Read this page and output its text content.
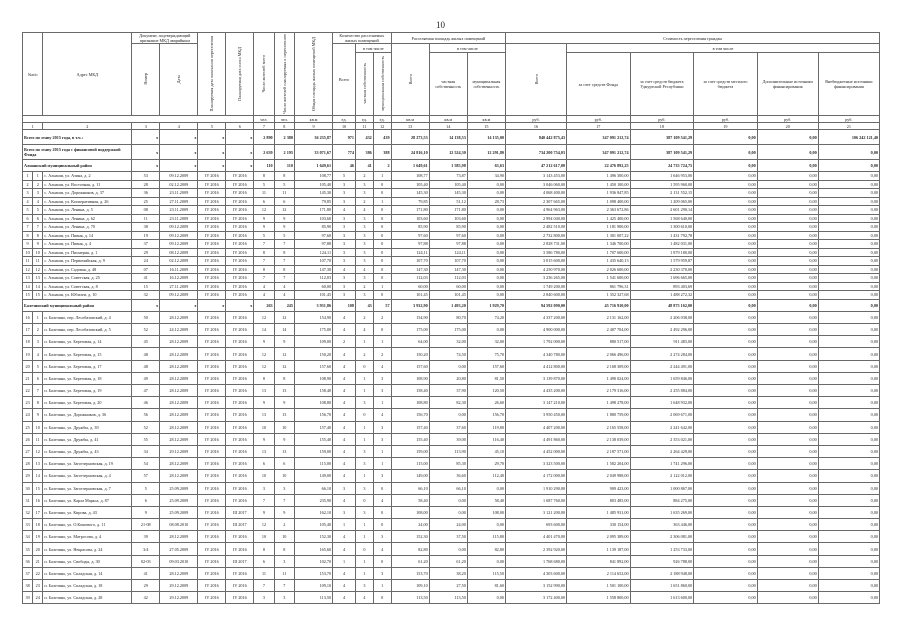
10
№п/п		Адрес МКД	Документ, подтверждающий признание МКД аварийным		Планируемая дата окончания переселения	Планируемая дата сноса МКД	Число жителей всего	Число жителей планируемых к переселению	Общая площадь жилых помещений МКД	Количество расселяемых жилых помещений			Расселяемая площадь жилых помещений			Стоимость переселения граждан					
			Номер	Дата						Всего	в том числе		Всего	в том числе		Всего	в том числе				
											частная собственность	муниципальная собственность		частная собственность	муниципальная собственность		за счет средств Фонда	за счет средств бюджета Удмуртской Республики	за счет средств местного бюджета	Дополнительные источники финансирования	Внебюджетные источники финансирования
							чел.	чел.	кв.м	ед.	ед.	ед.	кв.м	кв.м	кв.м	руб.	руб.	руб.	руб.	руб.	руб.
1		2	3	4	5	6	7	8	9	10	11	12	13	14	15	16	17	18	19	20	21
Всего по этапу 2015 года, в т.ч.:			х	х	х	х	2 890	2 380	36 235,87	971	432	439	28 273,53	14 138,53	14 135,00	840 442 875,43	347 091 212,74	387 109 541,29	0,00	0,00	106 242 121,40
Всего по этапу 2015 года с финансовой поддержкой Фонда			х	х	х	х	2 639	2 195	33 071,67	774	386	388	24 816,10	12 524,30	12 291,80	734 200 754,03	347 091 212,74	387 109 541,29	0,00	0,00	0,00
Алнашский муниципальный район			х	х	х	х	110	110	1 649,61	46	41	2	1 649,61	1 585,98	63,63	47 212 617,00	22 476 892,25	24 735 724,75	0,00	0,00	0,00
1	1	с. Алнаши, ул. Азина, д. 2	53	09.12.2009	IV 2016	IV 2016	8	8	108,77	5	2	1	108,77	73,87	34,90	3 143 453,00	1 496 300,00	1 646 953,00	0,00	0,00	0,00
2	2	с. Алнаши, ул. Восточная, д. 11	28	02.12.2009	IV 2016	IV 2016	5	5	105,40	3	3	0	105,40	105,40	0,00	3 046 060,00	1 450 100,00	1 595 960,00	0,00	0,00	0,00
3	3	с. Алнаши, ул. Дорожников, д. 37	36	23.11.2009	IV 2016	IV 2016	11	11	145,30	3	3	0	145,30	145,30	0,00	4 068 400,00	1 936 847,85	2 131 552,15	0,00	0,00	0,00
4	4	с. Алнаши, ул. Кооперативная, д. 26	25	27.11.2009	IV 2016	IV 2016	6	6	79,85	3	2	1	79,85	51,12	28,73	2 307 665,00	1 098 400,00	1 209 065,00	0,00	0,00	0,00
5	5	с. Алнаши, ул. Ленина, д. 5	08	23.11.2009	IV 2016	IV 2016	12	12	171,80	4	4	0	171,80	171,80	0,00	4 964 963,00	2 363 672,86	2 601 290,14	0,00	0,00	0,00
6	6	с. Алнаши, ул. Ленина, д. 62	11	23.11.2009	IV 2016	IV 2016	9	9	103,60	3	3	0	103,60	103,60	0,00	2 994 040,00	1 425 400,00	1 568 640,00	0,00	0,00	0,00
7	7	с. Алнаши, ул. Ленина, д. 70	38	09.12.2009	IV 2016	IV 2016	9	9	85,90	3	3	0	85,90	85,90	0,00	2 482 510,00	1 181 900,00	1 300 610,00	0,00	0,00	0,00
8	8	с. Алнаши, ул. Пивня, д. 14	19	09.12.2009	IV 2016	IV 2016	5	5	97,60	3	3	0	97,60	97,60	0,00	2 732 800,00	1 301 007,22	1 431 792,78	0,00	0,00	0,00
9	9	с. Алнаши, ул. Пивня, д. 4	37	09.12.2009	IV 2016	IV 2016	7	7	97,88	3	3	0	97,88	97,88	0,00	2 828 731,00	1 346 700,00	1 482 031,00	0,00	0,00	0,00
10	10	с. Алнаши, ул. Пионерия, д. 1	29	08.12.2009	IV 2016	IV 2016	8	8	124,11	3	3	0	124,11	124,11	0,00	3 586 780,00	1 707 600,00	1 879 180,00	0,00	0,00	0,00
11	11	с. Алнаши, ул. Первомайская, д. 9	24	02.12.2009	IV 2016	IV 2016	7	7	107,70	3	3	0	107,70	107,70	0,00	3 015 600,00	1 435 640,13	1 579 959,87	0,00	0,00	0,00
12	12	с. Алнаши, ул. Садовая, д. 48	07	16.11.2009	IV 2016	IV 2016	8	8	147,30	4	4	0	147,30	147,30	0,00	4 250 970,00	2 026 600,00	2 230 370,00	0,00	0,00	0,00
13	13	с. Алнаши, ул. Советская, д. 25	41	16.12.2009	IV 2016	IV 2016	7	7	112,03	3	3	0	112,03	112,03	0,00	3 236 265,00	1 541 600,00	1 696 665,00	0,00	0,00	0,00
14	14	с. Алнаши, ул. Советская, д. 8	15	27.11.2009	IV 2016	IV 2016	4	4	60,00	3	2	1	60,00	60,00	0,00	1 749 200,00	861 796,31	893 403,69	0,00	0,00	0,00
15	15	с. Алнаши, ул. Юбилеи, д. 10	32	09.12.2009	IV 2016	IV 2016	4	4	101,45	3	3	0	101,45	101,45	0,00	2 840 600,00	1 352 327,68	1 488 272,32	0,00	0,00	0,00
Балезинский муниципальный район			х	х	х	х	263	245	3 931,86	108	43	57	3 932,90	1 493,20	1 929,70	94 592 090,00	45 716 910,00	48 875 162,00	0,00	0,00	0,00
16	1	п. Балезино, пер. Лесобазовский, д. 4	50	28.12.2009	IV 2016	IV 2016	12	12	154,90	4	2	2	154,90	80,70	74,20	4 337 200,00	2 131 162,00	2 206 038,00	0,00	0,00	0,00
17	2	п. Балезино, пер. Лесобазовский, д. 5	52	24.12.2009	IV 2016	IV 2016	14	14	175,00	4	4	0	175,00	175,00	0,00	4 900 000,00	2 407 704,00	2 492 296,00	0,00	0,00	0,00
18	3	п. Балезино, ул. Береговая, д. 14	45	28.12.2009	IV 2016	IV 2016	9	9	109,00	2	1	1	64,00	32,00	32,00	1 792 000,00	880 517,00	911 483,00	0,00	0,00	0,00
19	4	п. Балезино, ул. Береговая, д. 15	48	28.12.2009	IV 2016	IV 2016	12	12	150,20	4	2	2	150,20	74,50	75,70	4 340 780,00	2 066 496,00	2 274 284,00	0,00	0,00	0,00
20	5	п. Балезино, ул. Береговая, д. 17	48	28.12.2009	IV 2016	IV 2016	12	12	157,60	4	0	4	157,60	0,00	157,60	4 412 800,00	2 168 309,00	2 244 491,00	0,00	0,00	0,00
21	6	п. Балезино, ул. Береговая, д. 18	49	28.12.2009	IV 2016	IV 2016	8	8	108,90	4	1	3	108,90	20,80	81,50	3 139 870,00	1 490 024,00	1 659 846,00	0,00	0,00	0,00
22	7	п. Балезино, ул. Береговая, д. 19	47	28.12.2009	IV 2016	IV 2016	13	13	158,40	4	1	3	158,40	37,90	120,50	4 435 200,00	2 179 316,00	2 255 884,00	0,00	0,00	0,00
23	8	п. Балезино, ул. Береговая, д. 20	46	28.12.2009	IV 2016	IV 2016	9	9	108,80	4	3	1	108,80	82,30	26,60	3 147 210,00	1 498 278,00	1 648 932,00	0,00	0,00	0,00
24	9	п. Балезино, ул. Дорожников, д. 36	56	28.12.2009	IV 2016	IV 2016	13	13	156,70	4	0	4	156,70	0,00	156,70	3 950 450,00	1 880 759,00	2 069 671,00	0,00	0,00	0,00
25	10	п. Балезино, ул. Дружбы, д. 39	52	28.12.2009	IV 2016	IV 2016	10	10	157,40	4	1	3	157,40	37,60	119,80	4 407 200,00	2 165 558,00	2 241 642,00	0,00	0,00	0,00
26	11	п. Балезино, ул. Дружбы, д. 41	55	28.12.2009	IV 2016	IV 2016	9	9	155,40	4	1	3	155,40	39,00	116,40	4 491 860,00	2 138 039,00	2 353 021,00	0,00	0,00	0,00
27	12	п. Балезино, ул. Дружбы, д. 43	34	29.12.2009	IV 2016	IV 2016	13	13	159,00	4	3	1	159,00	113,90	45,10	4 452 000,00	2 187 571,00	2 264 429,00	0,00	0,00	0,00
28	13	п. Балезино, ул. Заготзерновская, д. 19	54	28.12.2009	IV 2016	IV 2016	6	6	115,00	4	3	1	115,00	85,30	29,70	3 323 500,00	1 582 204,00	1 741 296,00	0,00	0,00	0,00
29	14	п. Балезино, ул. Заготзерновская, д. 4	57	28.12.2009	IV 2016	IV 2016	10	10	149,00	4	1	3	149,00	36,60	112,40	4 172 000,00	2 049 988,00	2 122 012,00	0,00	0,00	0,00
30	15	п. Балезино, ул. Заготзерновская, д. 7	5	25.09.2009	IV 2016	IV 2016	3	3	66,10	3	3	0	66,10	66,10	0,00	1 910 290,00	909 423,00	1 000 867,00	0,00	0,00	0,00
31	16	п. Балезино, ул. Карла Маркса, д. 87	6	25.09.2009	IV 2016	IV 2016	7	7	235,90	4	0	4	58,40	0,00	58,40	1 687 760,00	803 485,00	884 275,00	0,00	0,00	0,00
32	17	п. Балезино, ул. Кирова, д. 43	9	25.09.2009	IV 2016	III 2017	9	9	162,10	3	3	0	108,00	0,00	108,00	3 121 200,00	1 485 931,00	1 635 269,00	0,00	0,00	0,00
33	18	п. Балезино, ул. О.Кошевого, д. 11	21-08	08.08.2010	IV 2016	III 2017	12	2	105,40	1	1	0	24,00	24,00	0,00	693 600,00	330 154,00	363 446,00	0,00	0,00	0,00
34	19	п. Балезино, ул. Матросова, д. 4	39	28.12.2009	IV 2016	IV 2016	10	10	152,30	4	1	3	152,30	37,50	115,80	4 401 470,00	2 095 389,00	2 306 081,00	0,00	0,00	0,00
35	20	п. Балезино, ул. Некрасова, д. 24	3/4	27.05.2009	IV 2016	IV 2016	8	8	165,60	4	0	4	82,80	0,00	82,80	2 392 920,00	1 139 187,00	1 253 733,00	0,00	0,00	0,00
36	21	п. Балезино, ул. Свободы, д. 30	02-03	09.03.2010	IV 2016	III 2017	6	3	102,70	1	1	0	61,20	61,20	0,00	1 768 680,00	841 892,00	926 788,00	0,00	0,00	0,00
37	22	п. Балезино, ул. Складская, д. 14	41	28.12.2009	IV 2016	IV 2016	11	11	153,70	4	1	3	153,70	38,20	115,50	4 303 600,00	2 114 652,00	2 188 948,00	0,00	0,00	0,00
38	23	п. Балезино, ул. Складская, д. 18	29	29.12.2009	IV 2016	IV 2016	7	7	109,10	4	3	1	109,10	27,50	81,60	3 152 990,00	1 501 100,00	1 651 860,00	0,00	0,00	0,00
39	24	п. Балезино, ул. Складская, д. 28	42	29.12.2009	IV 2016	IV 2016	3	3	113,50	4	4	0	113,50	113,50	0,00	3 172 400,00	1 558 800,00	1 613 600,00	0,00	0,00	0,00
